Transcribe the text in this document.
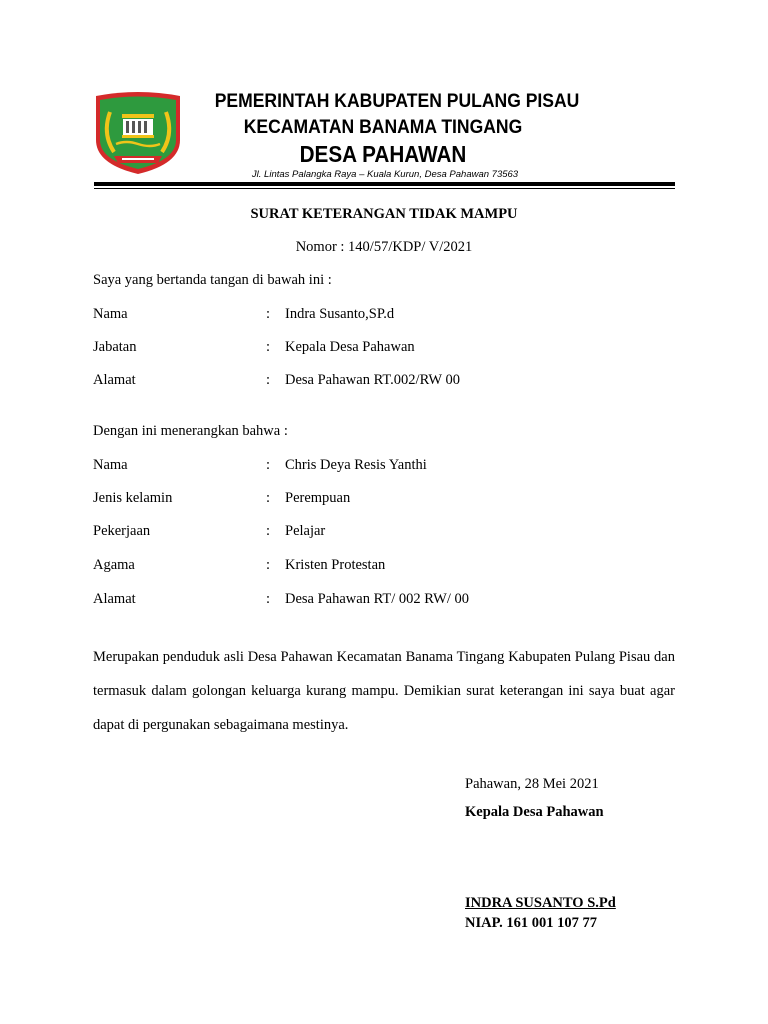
PEMERINTAH KABUPATEN PULANG PISAU
KECAMATAN BANAMA TINGANG
DESA PAHAWAN
Jl. Lintas Palangka Raya – Kuala Kurun, Desa Pahawan 73563
SURAT KETERANGAN TIDAK MAMPU
Nomor : 140/57/KDP/ V/2021
Saya yang bertanda tangan di bawah ini :
Nama	: Indra Susanto,SP.d
Jabatan	: Kepala Desa Pahawan
Alamat	: Desa Pahawan RT.002/RW 00
Dengan ini menerangkan bahwa :
Nama	: Chris Deya Resis Yanthi
Jenis kelamin	: Perempuan
Pekerjaan	: Pelajar
Agama	: Kristen Protestan
Alamat	: Desa Pahawan RT/ 002 RW/ 00
Merupakan penduduk asli Desa Pahawan Kecamatan Banama Tingang Kabupaten Pulang Pisau dan termasuk dalam golongan keluarga kurang mampu. Demikian surat keterangan ini saya buat agar dapat di pergunakan sebagaimana mestinya.
Pahawan, 28 Mei 2021
Kepala Desa Pahawan
INDRA SUSANTO S.Pd
NIAP. 161 001 107 77
